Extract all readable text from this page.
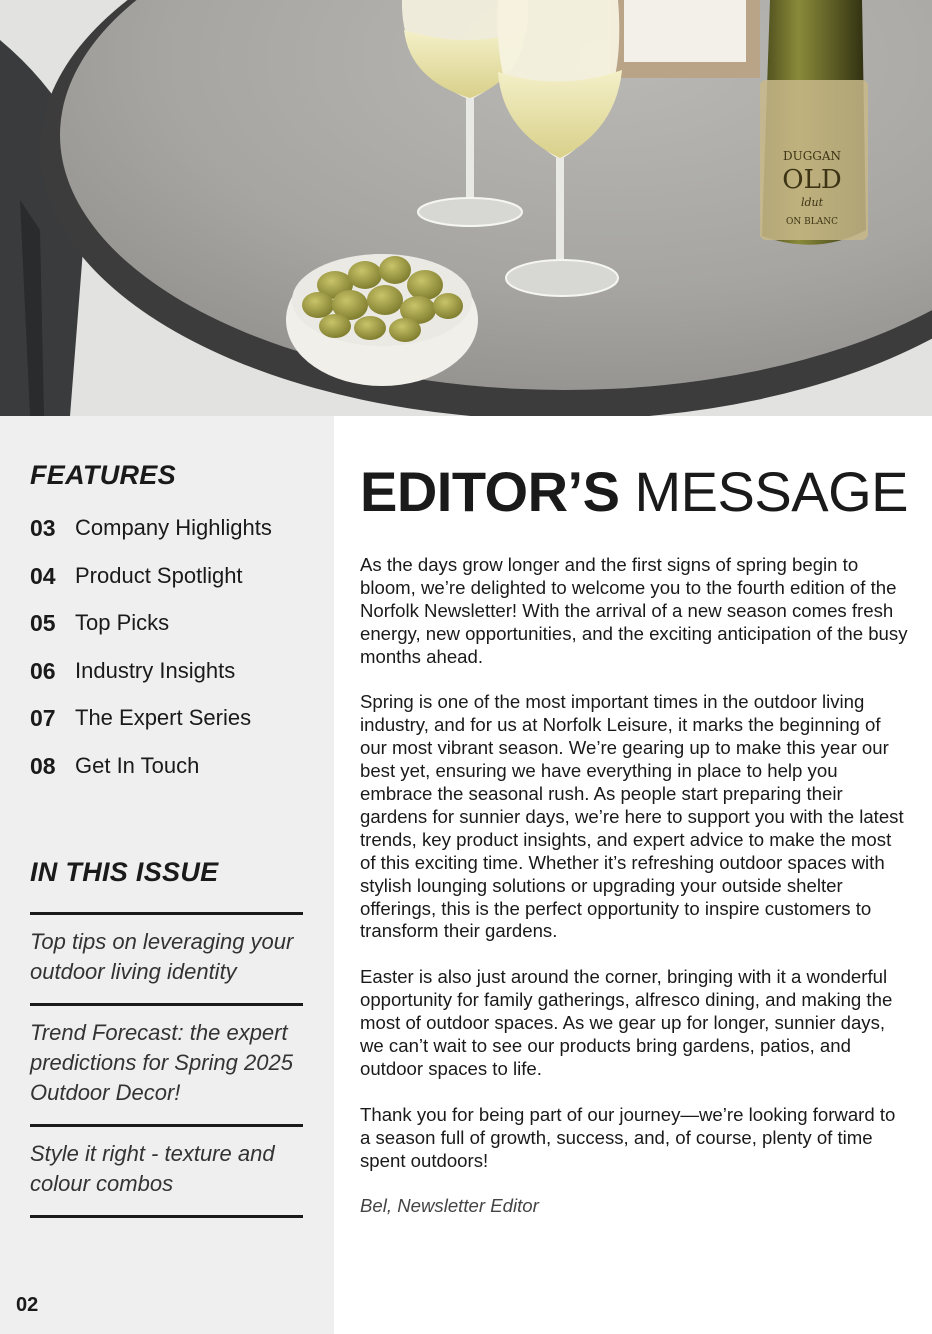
DUGGAN
OLD
ldut
ON BLANC
FEATURES
03 Company Highlights
04 Product Spotlight
05 Top Picks
06 Industry Insights
07 The Expert Series
08 Get In Touch
IN THIS ISSUE
Top tips on leveraging your outdoor living identity
Trend Forecast: the expert predictions for Spring 2025 Outdoor Decor!
Style it right - texture and colour combos
02
EDITOR’S MESSAGE

As the days grow longer and the first signs of spring begin to bloom, we’re delighted to welcome you to the fourth edition of the Norfolk Newsletter! With the arrival of a new season comes fresh energy, new opportunities, and the exciting anticipation of the busy months ahead.

Spring is one of the most important times in the outdoor living industry, and for us at Norfolk Leisure, it marks the beginning of our most vibrant season. We’re gearing up to make this year our best yet, ensuring we have everything in place to help you embrace the seasonal rush. As people start preparing their gardens for sunnier days, we’re here to support you with the latest trends, key product insights, and expert advice to make the most of this exciting time. Whether it’s refreshing outdoor spaces with stylish lounging solutions or upgrading your outside shelter offerings, this is the perfect opportunity to inspire customers to transform their gardens.

Easter is also just around the corner, bringing with it a wonderful opportunity for family gatherings, alfresco dining, and making the most of outdoor spaces. As we gear up for longer, sunnier days, we can’t wait to see our products bring gardens, patios, and outdoor spaces to life.

Thank you for being part of our journey—we’re looking forward to a season full of growth, success, and, of course, plenty of time spent outdoors!

Bel, Newsletter Editor
